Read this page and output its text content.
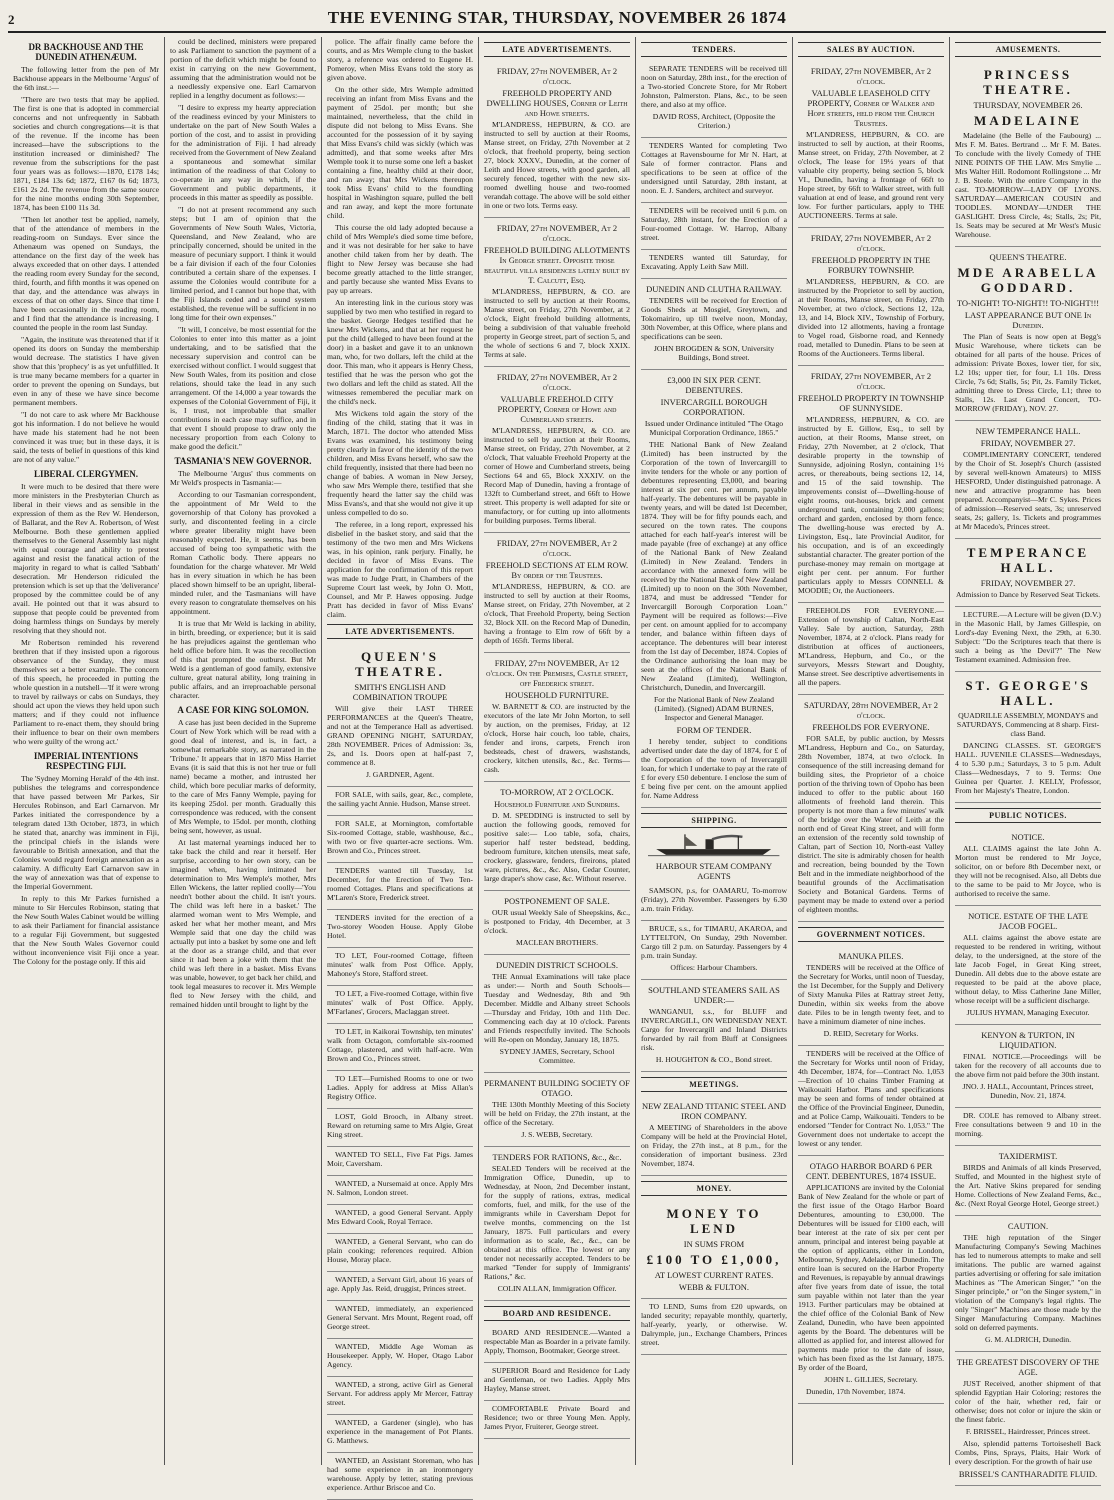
2	THE EVENING STAR, THURSDAY, NOVEMBER 26 1874
DR BACKHOUSE AND THE DUNEDIN ATHENÆUM.

The following letter from the pen of Mr Backhouse appears in the Melbourne 'Argus' of the 6th inst.:—

"There are two tests that may be applied. The first is one that is adopted in commercial concerns and not unfrequently in Sabbath societies and church congregations—it is that of the revenue. If the income has been increased—have the subscriptions to the institution increased or diminished? The revenue from the subscriptions for the past four years was as follows:—1870, £178 14s; 1871, £184 13s 6d; 1872, £167 0s 6d; 1873, £161 2s 2d. The revenue from the same source for the nine months ending 30th September, 1874, has been £100 11s 3d.

"Then let another test be applied, namely, that of the attendance of members in the reading-room on Sundays. Ever since the Athenæum was opened on Sundays, the attendance on the first day of the week has always exceeded that on other days. I attended the reading room every Sunday for the second, third, fourth, and fifth months it was opened on that day, and the attendance was always in excess of that on other days. Since that time I have been occasionally in the reading room, and I find that the attendance is increasing. I counted the people in the room last Sunday.

"Again, the institute was threatened that if it opened its doors on Sunday the membership would decrease. The statistics I have given show that this 'prophecy' is as yet unfulfilled. It is true many became members for a quarter in order to prevent the opening on Sundays, but even in any of these we have since become permanent members.

"I do not care to ask where Mr Backhouse got his information. I do not believe he would have made his statement had he not been convinced it was true; but in these days, it is said, the tests of belief in questions of this kind are not of any value."

LIBERAL CLERGYMEN.

It were much to be desired that there were more ministers in the Presbyterian Church as liberal in their views and as sensible in the expression of them as the Rev W. Henderson, of Ballarat, and the Rev A. Robertson, of West Melbourne. Both these gentlemen applied themselves to the General Assembly last night with equal courage and ability to protest against and resist the fanatical action of the majority in regard to what is called 'Sabbath' desecration. Mr Henderson ridiculed the pretension which is set up that the 'deliverance' proposed by the committee could be of any avail. He pointed out that it was absurd to suppose that people could be prevented from doing harmless things on Sundays by merely resolving that they should not.

Mr Robertson reminded his reverend brethren that if they insisted upon a rigorous observance of the Sunday, they must themselves set a better example. The concern of this speech, he proceeded in putting the whole question in a nutshell—'If it were wrong to travel by railways or cabs on Sundays, they should act upon the views they held upon such matters; and if they could not influence Parliament to re-enact them, they should bring their influence to bear on their own members who were guilty of the wrong act.'

IMPERIAL INTENTIONS RESPECTING FIJI.

The 'Sydney Morning Herald' of the 4th inst. publishes the telegrams and correspondence that have passed between Mr Parkes, Sir Hercules Robinson, and Earl Carnarvon. Mr Parkes initiated the correspondence by a telegram dated 13th October, 1873, in which he stated that, anarchy was imminent in Fiji, the principal chiefs in the islands were favourable to British annexation, and that the Colonies would regard foreign annexation as a calamity. A difficulty Earl Carnarvon saw in the way of annexation was that of expense to the Imperial Government.

In reply to this Mr Parkes furnished a minute to Sir Hercules Robinson, stating that the New South Wales Cabinet would be willing to ask their Parliament for financial assistance to a regular Fiji Government, but suggested that the New South Wales Governor could without inconvenience visit Fiji once a year. The Colony for the postage only. If this aid

could be declined, ministers were prepared to ask Parliament to sanction the payment of a portion of the deficit which might be found to exist in carrying on the new Government, assuming that the administration would not be a needlessly expensive one. Earl Carnarvon replied in a lengthy document as follows:—

"I desire to express my hearty appreciation of the readiness evinced by your Ministers to undertake on the part of New South Wales a portion of the cost, and to assist in providing for the administration of Fiji. I had already received from the Government of New Zealand a spontaneous and somewhat similar intimation of the readiness of that Colony to co-operate in any way in which, if the Government and public departments, it proceeds in this matter as speedily as possible.

"I do not at present recommend any such steps; but I am of opinion that the Governments of New South Wales, Victoria, Queensland, and New Zealand, who are principally concerned, should be united in the measure of pecuniary support. I think it would be a fair division if each of the four Colonies contributed a certain share of the expenses. I assume the Colonies would contribute for a limited period, and I cannot but hope that, with the Fiji Islands ceded and a sound system established, the revenue will be sufficient in no long time for their own expenses."

"It will, I conceive, be most essential for the Colonies to enter into this matter as a joint undertaking, and to be satisfied that the necessary supervision and control can be exercised without conflict. I would suggest that New South Wales, from its position and close relations, should take the lead in any such arrangement. Of the 14,000 a year towards the expenses of the Colonial Government of Fiji, it is, I trust, not improbable that smaller contributions in each case may suffice, and in that event I should propose to draw only the necessary proportion from each Colony to make good the deficit."

TASMANIA'S NEW GOVERNOR.

The Melbourne 'Argus' thus comments on Mr Weld's prospects in Tasmania:—

According to our Tasmanian correspondent, the appointment of Mr Weld to the governorship of that Colony has provoked a surly, and discontented feeling in a circle where greater liberality might have been reasonably expected. He, it seems, has been accused of being too sympathetic with the Roman Catholic body. There appears no foundation for the charge whatever. Mr Weld has in every situation in which he has been placed shown himself to be an upright, liberal-minded ruler, and the Tasmanians will have every reason to congratulate themselves on his appointment.

It is true that Mr Weld is lacking in ability, in birth, breeding, or experience; but it is said he has prejudices against the gentleman who held office before him. It was the recollection of this that prompted the outburst. But Mr Weld is a gentleman of good family, extensive culture, great natural ability, long training in public affairs, and an irreproachable personal character.

A CASE FOR KING SOLOMON.

A case has just been decided in the Supreme Court of New York which will be read with a good deal of interest, and is, in fact, a somewhat remarkable story, as narrated in the 'Tribune.' It appears that in 1870 Miss Harriet Evans (it is said that this is not her true or full name) became a mother, and intrusted her child, which bore peculiar marks of deformity, to the care of Mrs Fanny Wemple, paying for its keeping 25dol. per month. Gradually this correspondence was reduced, with the consent of Mrs Wemple, to 15dol. per month, clothing being sent, however, as usual.

At last maternal yearnings induced her to take back the child and rear it herself. Her surprise, according to her own story, can be imagined when, having intimated her determination to Mrs Wemple's mother, Mrs Ellen Wickens, the latter replied coolly—'You needn't bother about the child. It isn't yours. The child was left here in a basket.' The alarmed woman went to Mrs Wemple, and asked her what her mother meant, and Mrs Wemple said that one day the child was actually put into a basket by some one and left at the door as a strange child, and that ever since it had been a joke with them that the child was left there in a basket. Miss Evans was unable, however, to get back her child, and took legal measures to recover it. Mrs Wemple fled to New Jersey with the child, and remained hidden until brought to light by the

police. The affair finally came before the courts, and as Mrs Wemple clung to the basket story, a reference was ordered to Eugene H. Pomeroy, when Miss Evans told the story as given above.

On the other side, Mrs Wemple admitted receiving an infant from Miss Evans and the payment of 25dol. per month; but she maintained, nevertheless, that the child in dispute did not belong to Miss Evans. She accounted for the possession of it by saying that Miss Evans's child was sickly (which was admitted), and that some weeks after Mrs Wemple took it to nurse some one left a basket containing a fine, healthy child at their door, and ran away; that Mrs Wickens thereupon took Miss Evans' child to the foundling hospital in Washington square, pulled the bell and ran away, and kept the more fortunate child.

This course the old lady adopted because a child of Mrs Wemple's died some time before, and it was not desirable for her sake to have another child taken from her by death. The flight to New Jersey was because she had become greatly attached to the little stranger, and partly because she wanted Miss Evans to pay up arrears.

An interesting link in the curious story was supplied by two men who testified in regard to the basket. George Hedges testified that he knew Mrs Wickens, and that at her request he put the child (alleged to have been found at the door) in a basket and gave it to an unknown man, who, for two dollars, left the child at the door. This man, who it appears is Henry Chess, testified that he was the person who got the two dollars and left the child as stated. All the witnesses remembered the peculiar mark on the child's neck.

Mrs Wickens told again the story of the finding of the child, stating that it was in March, 1871. The doctor who attended Miss Evans was examined, his testimony being pretty clearly in favor of the identity of the two children, and Miss Evans herself, who saw the child frequently, insisted that there had been no change of babies. A woman in New Jersey, who saw Mrs Wemple there, testified that she frequently heard the latter say the child was Miss Evans's, and that she would not give it up unless compelled to do so.

The referee, in a long report, expressed his disbelief in the basket story, and said that the testimony of the two men and Mrs Wickens was, in his opinion, rank perjury. Finally, he decided in favor of Miss Evans. The application for the confirmation of this report was made to Judge Pratt, in Chambers of the Supreme Court last week, by John O. Mott, Counsel, and Mr P. Hawes opposing. Judge Pratt has decided in favor of Miss Evans' claim.

LATE ADVERTISEMENTS.
QUEEN'S THEATRE.
SMITH'S ENGLISH AND COMBINATION TROUPE

Will give their LAST THREE PERFORMANCES at the Queen's Theatre, and not at the Temperance Hall as advertised. GRAND OPENING NIGHT, SATURDAY, 28th NOVEMBER. Prices of Admission: 3s, 2s, and 1s. Doors open at half-past 7, commence at 8.

J. GARDNER, Agent.

FOR SALE, with sails, gear, &c., complete, the sailing yacht Annie. Hudson, Manse street.

FOR SALE, at Mornington, comfortable Six-roomed Cottage, stable, washhouse, &c., with two or five quarter-acre sections. Wm. Brown and Co., Princes street.

TENDERS wanted till Tuesday, 1st December, for the Erection of Two Ten-roomed Cottages. Plans and specifications at M'Laren's Store, Frederick street.

TENDERS invited for the erection of a Two-storey Wooden House. Apply Globe Hotel.

TO LET, Four-roomed Cottage, fifteen minutes' walk from Post Office. Apply, Mahoney's Store, Stafford street.

TO LET, a Five-roomed Cottage, within five minutes' walk of Post Office. Apply, M'Farlanes', Grocers, Maclaggan street.

TO LET, in Kaikorai Township, ten minutes' walk from Octagon, comfortable six-roomed Cottage, plastered, and with half-acre. Wm Brown and Co., Princes street.

TO LET—Furnished Rooms to one or two Ladies. Apply for address at Miss Allan's Registry Office.

LOST, Gold Brooch, in Albany street. Reward on returning same to Mrs Algie, Great King street.

WANTED TO SELL, Five Fat Pigs. James Moir, Caversham.

WANTED, a Nursemaid at once. Apply Mrs N. Salmon, London street.

WANTED, a good General Servant. Apply Mrs Edward Cook, Royal Terrace.

WANTED, a General Servant, who can do plain cooking; references required. Albion House, Moray place.

WANTED, a Servant Girl, about 16 years of age. Apply Jas. Reid, druggist, Princes street.

WANTED, immediately, an experienced General Servant. Mrs Mount, Regent road, off George street.

WANTED, Middle Age Woman as Housekeeper. Apply, W. Hoper, Otago Labor Agency.

WANTED, a strong, active Girl as General Servant. For address apply Mr Mercer, Fattray street.

WANTED, a Gardener (single), who has experience in the management of Pot Plants. G. Matthews.

WANTED, an Assistant Storeman, who has had some experience in an ironmongery warehouse. Apply by letter, stating previous experience. Arthur Briscoe and Co.

LATE ADVERTISEMENTS.
FRIDAY, 27th NOVEMBER, At 2 o'clock.
FREEHOLD PROPERTY AND DWELLING HOUSES, Corner of Leith and Howe streets.

M'LANDRESS, HEPBURN, & CO. are instructed to sell by auction at their Rooms, Manse street, on Friday, 27th November at 2 o'clock, that freehold property, being section 27, block XXXV., Dunedin, at the corner of Leith and Howe streets, with good garden, all securely fenced, together with the new six-roomed dwelling house and two-roomed verandah cottage. The above will be sold either in one or two lots. Terms easy.

FRIDAY, 27th NOVEMBER, At 2 o'clock.
FREEHOLD BUILDING ALLOTMENTS In George street. Opposite those beautiful villa residences lately built by T. Calcutt, Esq.

M'LANDRESS, HEPBURN, & CO. are instructed to sell by auction at their Rooms, Manse street, on Friday, 27th November, at 2 o'clock, Eight freehold building allotments, being a subdivision of that valuable freehold property in George street, part of section 5, and the whole of sections 6 and 7, block XXIX. Terms at sale.

FRIDAY, 27th NOVEMBER, At 2 o'clock.
VALUABLE FREEHOLD CITY PROPERTY, Corner of Howe and Cumberland streets.

M'LANDRESS, HEPBURN, & CO. are instructed to sell by auction at their Rooms, Manse street, on Friday, 27th November, at 2 o'clock, That valuable Freehold Property at the corner of Howe and Cumberland streets, being Sections 64 and 65, Block XXXIV. on the Record Map of Dunedin, having a frontage of 132ft to Cumberland street, and 66ft to Howe street. This property is well adapted for site or manufactory, or for cutting up into allotments for building purposes. Terms liberal.

FRIDAY, 27th NOVEMBER, At 2 o'clock.
FREEHOLD SECTIONS AT ELM ROW. By order of the Trustees.

M'LANDRESS, HEPBURN, & CO. are instructed to sell by auction at their Rooms, Manse street, on Friday, 27th November, at 2 o'clock, That Freehold Property, being Section 32, Block XII. on the Record Map of Dunedin, having a frontage to Elm row of 66ft by a depth of 165ft. Terms liberal.

FRIDAY, 27th NOVEMBER, At 12 o'clock. On the Premises, Castle street, off Frederick street.
HOUSEHOLD FURNITURE.

W. BARNETT & CO. are instructed by the executors of the late Mr John Morton, to sell by auction, on the premises, Friday, at 12 o'clock, Horse hair couch, loo table, chairs, fender and irons, carpets, French iron bedsteads, chest of drawers, washstands, crockery, kitchen utensils, &c., &c. Terms—cash.

TO-MORROW, AT 2 O'CLOCK.
Household Furniture and Sundries.

D. M. SPEDDING is instructed to sell by auction the following goods, removed for positive sale:— Loo table, sofa, chairs, superior half tester bedstead, bedding, bedroom furniture, kitchen utensils, meat safe, crockery, glassware, fenders, fireirons, plated ware, pictures, &c., &c. Also, Cedar Counter, large draper's show case, &c. Without reserve.

POSTPONEMENT OF SALE.

OUR usual Weekly Sale of Sheepskins, &c., is postponed to Friday, 4th December, at 3 o'clock.

MACLEAN BROTHERS.

DUNEDIN DISTRICT SCHOOLS.

THE Annual Examinations will take place as under:— North and South Schools—Tuesday and Wednesday, 8th and 9th December. Middle and Albany street Schools—Thursday and Friday, 10th and 11th Dec. Commencing each day at 10 o'clock. Parents and Friends respectfully invited. The Schools will Re-open on Monday, January 18, 1875.

SYDNEY JAMES, Secretary, School Committee.

PERMANENT BUILDING SOCIETY OF OTAGO.

THE 130th Monthly Meeting of this Society will be held on Friday, the 27th instant, at the office of the Secretary.

J. S. WEBB, Secretary.

TENDERS FOR RATIONS, &c., &c.

SEALED Tenders will be received at the Immigration Office, Dunedin, up to Wednesday, at Noon, 2nd December instant, for the supply of rations, extras, medical comforts, fuel, and milk, for the use of the immigrants while in Caversham Depot for twelve months, commencing on the 1st January, 1875. Full particulars and every information as to scale, &c., &c., can be obtained at this office. The lowest or any tender not necessarily accepted. Tenders to be marked "Tender for supply of Immigrants' Rations," &c.

COLIN ALLAN, Immigration Officer.

BOARD AND RESIDENCE.

BOARD AND RESIDENCE.—Wanted a respectable Man as Boarder in a private family. Apply, Thomson, Bootmaker, George street.

SUPERIOR Board and Residence for Lady and Gentleman, or two Ladies. Apply Mrs Hayley, Manse street.

COMFORTABLE Private Board and Residence; two or three Young Men. Apply, James Pryor, Fruiterer, George street.

TENDERS.

SEPARATE TENDERS will be received till noon on Saturday, 28th inst., for the erection of a Two-storied Concrete Store, for Mr Robert Johnston, Palmerston. Plans, &c., to be seen there, and also at my office.

DAVID ROSS, Architect, (Opposite the Criterion.)

TENDERS Wanted for completing Two Cottages at Ravensbourne for Mr N. Hart, at Sale of former contractor. Plans and specifications to be seen at office of the undersigned until Saturday, 28th instant, at noon. E. J. Sanders, architect and surveyor.

TENDERS will be received until 6 p.m. on Saturday, 28th instant, for the Erection of a Four-roomed Cottage. W. Harrop, Albany street.

TENDERS wanted till Saturday, for Excavating. Apply Leith Saw Mill.

DUNEDIN AND CLUTHA RAILWAY.

TENDERS will be received for Erection of Goods Sheds at Mosgiel, Greytown, and Tokomairiro, up till twelve noon, Monday, 30th November, at this Office, where plans and specifications can be seen.

JOHN BROGDEN & SON, University Buildings, Bond street.

£3,000 IN SIX PER CENT. DEBENTURES.
INVERCARGILL BOROUGH CORPORATION.

Issued under Ordinance intituled "The Otago Municipal Corporation Ordinance, 1865."

THE National Bank of New Zealand (Limited) has been instructed by the Corporation of the town of Invercargill to invite tenders for the whole or any portion of debentures representing £3,000, and bearing interest at six per cent. per annum, payable half-yearly. The debentures will be payable in twenty years, and will be dated 1st December, 1874. They will be for fifty pounds each, and secured on the town rates. The coupons attached for each half-year's interest will be made payable (free of exchange) at any office of the National Bank of New Zealand (Limited) in New Zealand. Tenders in accordance with the annexed form will be received by the National Bank of New Zealand (Limited) up to noon on the 30th November, 1874, and must be addressed "Tender for Invercargill Borough Corporation Loan." Payment will be required as follows:—Five per cent. on amount applied for to accompany tender, and balance within fifteen days of acceptance. The debentures will bear interest from the 1st day of December, 1874. Copies of the Ordinance authorising the loan may be seen at the offices of the National Bank of New Zealand (Limited), Wellington, Christchurch, Dunedin, and Invercargill.

For the National Bank of New Zealand (Limited). (Signed) ADAM BURNES, Inspector and General Manager.

FORM OF TENDER.

I hereby tender, subject to conditions advertised under date the day of 1874, for £ of the Corporation of the town of Invercargill loan, for which I undertake to pay at the rate of £ for every £50 debenture. I enclose the sum of £ being five per cent. on the amount applied for. Name Address

SHIPPING.
HARBOUR STEAM COMPANY AGENTS

SAMSON, p.s, for OAMARU, To-morrow (Friday), 27th November. Passengers by 6.30 a.m. train Friday.

BRUCE, s.s., for TIMARU, AKAROA, and LYTTELTON, On Sunday, 29th November. Cargo till 2 p.m. on Saturday. Passengers by 4 p.m. train Sunday.

Offices: Harbour Chambers.

SOUTHLAND STEAMERS SAIL AS UNDER:—

WANGANUI, s.s., for BLUFF and INVERCARGILL, ON WEDNESDAY NEXT. Cargo for Invercargill and Inland Districts forwarded by rail from Bluff at Consignees risk.

H. HOUGHTON & CO., Bond street.

MEETINGS.
NEW ZEALAND TITANIC STEEL AND IRON COMPANY.

A MEETING of Shareholders in the above Company will be held at the Provincial Hotel, on Friday, the 27th inst., at 8 p.m., for the consideration of important business. 23rd November, 1874.

MONEY.
MONEY TO LEND
IN SUMS FROM
£100 TO £1,000,
AT LOWEST CURRENT RATES.
WEBB & FULTON.

TO LEND, Sums from £20 upwards, on landed security; repayable monthly, quarterly, half-yearly, yearly, or otherwise. W. Dalrymple, jun., Exchange Chambers, Princes street.

SALES BY AUCTION.
FRIDAY, 27th NOVEMBER, At 2 o'clock.
VALUABLE LEASEHOLD CITY PROPERTY, Corner of Walker and Hope streets, held from the Church Trustees.

M'LANDRESS, HEPBURN, & CO. are instructed to sell by auction, at their Rooms, Manse street, on Friday, 27th November, at 2 o'clock, The lease for 19½ years of that valuable city property, being section 5, block VI., Dunedin, having a frontage of 66ft to Hope street, by 66ft to Walker street, with full valuation at end of lease, and ground rent very low. For further particulars, apply to THE AUCTIONEERS. Terms at sale.

FRIDAY, 27th NOVEMBER, At 2 o'clock.
FREEHOLD PROPERTY IN THE FORBURY TOWNSHIP.

M'LANDRESS, HEPBURN, & CO. are instructed by the Proprietor to sell by auction, at their Rooms, Manse street, on Friday, 27th November, at two o'clock, Sections 12, 12a, 13, and 14, Block XIV., Township of Forbury, divided into 12 allotments, having a frontage to Vogel road, Gisborne road, and Kennedy road, metalled to Dunedin. Plans to be seen at Rooms of the Auctioneers. Terms liberal.

FRIDAY, 27th NOVEMBER, At 2 o'clock.
FREEHOLD PROPERTY IN TOWNSHIP OF SUNNYSIDE.

M'LANDRESS, HEPBURN, & CO. are instructed by E. Gillow, Esq., to sell by auction, at their Rooms, Manse street, on Friday, 27th November, at 2 o'clock, That desirable property in the township of Sunnyside, adjoining Roslyn, containing 1½ acres, or thereabouts, being sections 12, 14, and 15 of the said township. The improvements consist of—Dwelling-house of eight rooms, out-houses, brick and cement underground tank, containing 2,000 gallons; orchard and garden, enclosed by thorn fence. The dwelling-house was erected by A. Livingston, Esq., late Provincial Auditor, for his occupation, and is of an exceedingly substantial character. The greater portion of the purchase-money may remain on mortgage at eight per cent. per annum. For further particulars apply to Messrs CONNELL & MOODIE; Or, the Auctioneers.

FREEHOLDS FOR EVERYONE.—Extension of township of Caltan, North-East Valley. Sale by auction, Saturday, 28th November, 1874, at 2 o'clock. Plans ready for distribution at offices of auctioneers, M'Landress, Hepburn, and Co., or the surveyors, Messrs Stewart and Doughty, Manse street. See descriptive advertisements in all the papers.

SATURDAY, 28th NOVEMBER, At 2 o'clock.
FREEHOLDS FOR EVERYONE.

FOR SALE, by public auction, by Messrs M'Landress, Hepburn and Co., on Saturday, 28th November, 1874, at two o'clock. In consequence of the still increasing demand for building sites, the Proprietor of a choice portion of the thriving town of Opoho has been induced to offer to the public about 160 allotments of freehold land therein. This property is not more than a few minutes' walk of the bridge over the Water of Leith at the north end of Great King street, and will form an extension of the recently sold township of Caltan, part of Section 10, North-east Valley district. The site is admirably chosen for health and recreation, being bounded by the Town Belt and in the immediate neighborhood of the beautiful grounds of the Acclimatisation Society and Botanical Gardens. Terms of payment may be made to extend over a period of eighteen months.

GOVERNMENT NOTICES.
MANUKA PILES.

TENDERS will be received at the Office of the Secretary for Works, until noon of Tuesday, the 1st December, for the Supply and Delivery of Sixty Manuka Piles at Rattray street Jetty, Dunedin, within six weeks from the above date. Piles to be in length twenty feet, and to have a minimum diameter of nine inches.

D. REID, Secretary for Works.

TENDERS will be received at the Office of the Secretary for Works until noon of Friday, 4th December, 1874, for—Contract No. 1,053—Erection of 10 chains Timber Framing at Waikouaiti Harbor. Plans and specifications may be seen and forms of tender obtained at the Office of the Provincial Engineer, Dunedin, and at Police Camp, Waikouaiti. Tenders to be endorsed "Tender for Contract No. 1,053." The Government does not undertake to accept the lowest or any tender.

OTAGO HARBOR BOARD 6 PER CENT. DEBENTURES, 1874 ISSUE.

APPLICATIONS are invited by the Colonial Bank of New Zealand for the whole or part of the first issue of the Otago Harbor Board Debentures, amounting to £30,000. The Debentures will be issued for £100 each, will bear interest at the rate of six per cent per annum, principal and interest being payable at the option of applicants, either in London, Melbourne, Sydney, Adelaide, or Dunedin. The entire loan is secured on the Harbor Property and Revenues, is repayable by annual drawings after five years from date of issue, the total sum payable within not later than the year 1913. Further particulars may be obtained at the chief office of the Colonial Bank of New Zealand, Dunedin, who have been appointed agents by the Board. The debentures will be allotted as applied for, and interest allowed for payments made prior to the date of issue, which has been fixed as the 1st January, 1875. By order of the Board,

JOHN L. GILLIES, Secretary.

Dunedin, 17th November, 1874.

AMUSEMENTS.
PRINCESS THEATRE.
THURSDAY, NOVEMBER 26.
MADELAINE

Madelaine (the Belle of the Faubourg) ... Mrs F. M. Bates. Bertrand ... Mr F. M. Bates. To conclude with the lively Comedy of THE NINE POINTS OF THE LAW. Mrs Smylie ... Mrs Walter Hill. Rodomont Rollingstone ... Mr J. B. Steele. With the entire Company in the cast. TO-MORROW—LADY OF LYONS. SATURDAY—AMERICAN COUSIN and TOODLES. MONDAY—UNDER THE GASLIGHT. Dress Circle, 4s; Stalls, 2s; Pit, 1s. Seats may be secured at Mr West's Music Warehouse.

QUEEN'S THEATRE.
MDE ARABELLA GODDARD.
TO-NIGHT! TO-NIGHT!! TO-NIGHT!!!
LAST APPEARANCE BUT ONE In Dunedin.

The Plan of Seats is now open at Begg's Music Warehouse, where tickets can be obtained for all parts of the house. Prices of admission: Private Boxes, lower tier, for six, L2 10s; upper tier, for four, L1 10s. Dress Circle, 7s 6d; Stalls, 5s; Pit, 2s. Family Ticket, admitting three to Dress Circle, L1; three to Stalls, 12s. Last Grand Concert, TO-MORROW (FRIDAY), NOV. 27.

NEW TEMPERANCE HALL.
FRIDAY, NOVEMBER 27.

COMPLIMENTARY CONCERT, tendered by the Choir of St. Joseph's Church (assisted by several well-known Amateurs) to MISS HESFORD, Under distinguished patronage. A new and attractive programme has been prepared. Accompanyist—Mr C. Sykes. Prices of admission—Reserved seats, 3s; unreserved seats, 2s; gallery, 1s. Tickets and programmes at Mr Macedo's, Princes street.

TEMPERANCE HALL.
FRIDAY, NOVEMBER 27.

Admission to Dance by Reserved Seat Tickets.

LECTURE.—A Lecture will be given (D.V.) in the Masonic Hall, by James Gillespie, on Lord's-day Evening Next, the 29th, at 6.30. Subject: "Do the Scriptures teach that there is such a being as 'the Devil'?" The New Testament examined. Admission free.

ST. GEORGE'S HALL.

QUADRILLE ASSEMBLY, MONDAYS and SATURDAYS, Commencing at 8 sharp. First-class Band.

DANCING CLASSES. ST. GEORGE'S HALL. JUVENILE CLASSES—Wednesdays, 4 to 5.30 p.m.; Saturdays, 3 to 5 p.m. Adult Class—Wednesdays, 7 to 9. Terms: One Guinea per Quarter. J. KELLY, Professor, From her Majesty's Theatre, London.

PUBLIC NOTICES.
NOTICE.

ALL CLAIMS against the late John A. Morton must be rendered to Mr Joyce, solicitor, on or before 8th December next, or they will not be recognised. Also, all Debts due to the same to be paid to Mr Joyce, who is authorised to receive the same.

NOTICE. ESTATE OF THE LATE JACOB FOGEL.

ALL claims against the above estate are requested to be rendered in writing, without delay, to the undersigned, at the store of the late Jacob Fogel, in Great King street, Dunedin. All debts due to the above estate are requested to be paid at the above place, without delay, to Miss Catherine Jane Miller, whose receipt will be a sufficient discharge.

JULIUS HYMAN, Managing Executor.

KENYON & TURTON, IN LIQUIDATION.

FINAL NOTICE.—Proceedings will be taken for the recovery of all accounts due to the above firm not paid before the 30th instant.

JNO. J. HALL, Accountant, Princes street, Dunedin, Nov. 21, 1874.

DR. COLE has removed to Albany street. Free consultations between 9 and 10 in the morning.

TAXIDERMIST.

BIRDS and Animals of all kinds Preserved, Stuffed, and Mounted in the highest style of the Art. Native Skins prepared for sending Home. Collections of New Zealand Ferns, &c., &c. (Next Royal George Hotel, George street.)

CAUTION.

THE high reputation of the Singer Manufacturing Company's Sewing Machines has led to numerous attempts to make and sell imitations. The public are warned against parties advertising or offering for sale imitation Machines as "The American Singer," "on the Singer principle," or "on the Singer system," in violation of the Company's legal rights. The only "Singer" Machines are those made by the Singer Manufacturing Company. Machines sold on deferred payments.

G. M. ALDRICH, Dunedin.

THE GREATEST DISCOVERY OF THE AGE.

JUST Received, another shipment of that splendid Egyptian Hair Coloring; restores the color of the hair, whether red, fair or otherwise; does not color or injure the skin or the finest fabric.

F. BRISSEL, Hairdresser, Princes street.

Also, splendid patterns Tortoiseshell Back Combs, Pins, Sprays, Plaits, Hair Work of every description. For the growth of hair use

BRISSEL'S CANTHARADITE FLUID.
